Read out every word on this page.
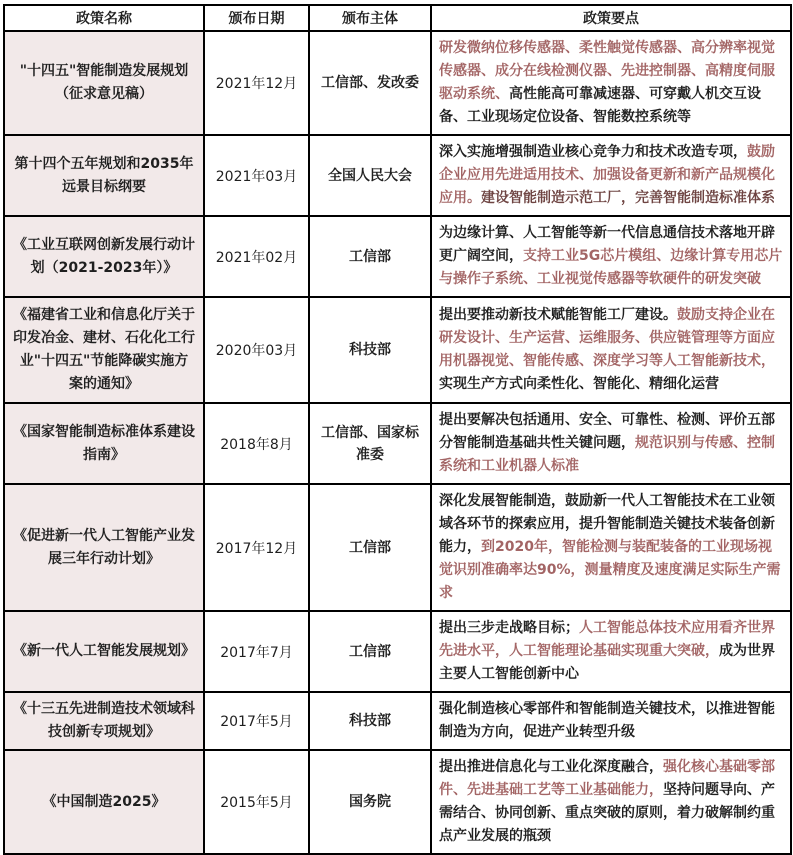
政策名称	颁布日期	颁布主体	政策要点
"十四五"智能制造发展规划（征求意见稿）	2021年12月	工信部、发改委	研发微纳位移传感器、柔性触觉传感器、高分辨率视觉传感器、成分在线检测仪器、先进控制器、高精度伺服驱动系统、高性能高可靠减速器、可穿戴人机交互设备、工业现场定位设备、智能数控系统等
第十四个五年规划和2035年远景目标纲要	2021年03月	全国人民大会	深入实施增强制造业核心竞争力和技术改造专项，鼓励企业应用先进适用技术、加强设备更新和新产品规模化应用。建设智能制造示范工厂，完善智能制造标准体系
《工业互联网创新发展行动计划（2021-2023年）》	2021年02月	工信部	为边缘计算、人工智能等新一代信息通信技术落地开辟更广阔空间，支持工业5G芯片模组、边缘计算专用芯片与操作子系统、工业视觉传感器等软硬件的研发突破
《福建省工业和信息化厅关于印发冶金、建材、石化化工行业"十四五"节能降碳实施方案的通知》	2020年03月	科技部	提出要推动新技术赋能智能工厂建设。鼓励支持企业在研发设计、生产运营、运维服务、供应链管理等方面应用机器视觉、智能传感、深度学习等人工智能新技术，实现生产方式向柔性化、智能化、精细化运营
《国家智能制造标准体系建设指南》	2018年8月	工信部、国家标准委	提出要解决包括通用、安全、可靠性、检测、评价五部分智能制造基础共性关键问题，规范识别与传感、控制系统和工业机器人标准
《促进新一代人工智能产业发展三年行动计划》	2017年12月	工信部	深化发展智能制造，鼓励新一代人工智能技术在工业领域各环节的探索应用，提升智能制造关键技术装备创新能力，到2020年，智能检测与装配装备的工业现场视觉识别准确率达90%，测量精度及速度满足实际生产需求
《新一代人工智能发展规划》	2017年7月	工信部	提出三步走战略目标；人工智能总体技术应用看齐世界先进水平，人工智能理论基础实现重大突破，成为世界主要人工智能创新中心
《十三五先进制造技术领域科技创新专项规划》	2017年5月	科技部	强化制造核心零部件和智能制造关键技术，以推进智能制造为方向，促进产业转型升级
《中国制造2025》	2015年5月	国务院	提出推进信息化与工业化深度融合，强化核心基础零部件、先进基础工艺等工业基础能力，坚持问题导向、产需结合、协同创新、重点突破的原则，着力破解制约重点产业发展的瓶颈
